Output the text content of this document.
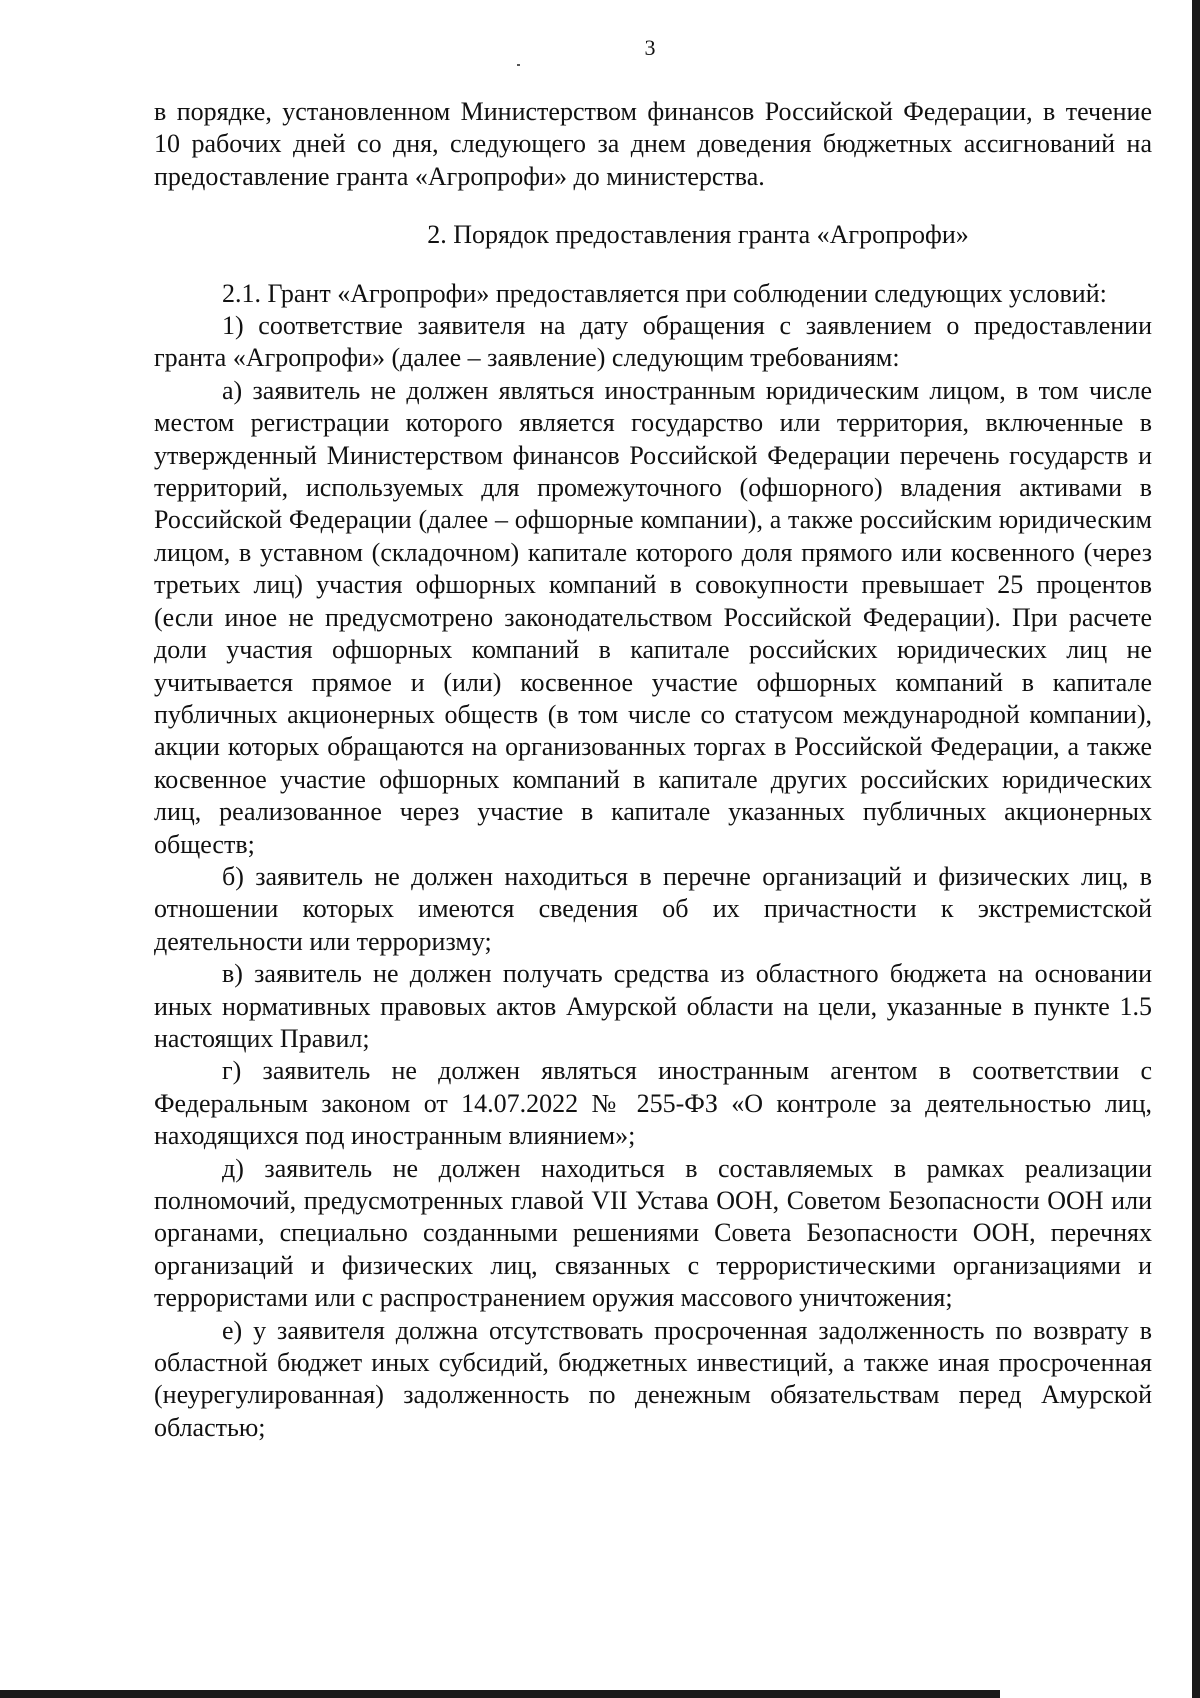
3

в порядке, установленном Министерством финансов Российской Федерации, в течение 10 рабочих дней со дня, следующего за днем доведения бюджетных ассигнований на предоставление гранта «Агропрофи» до министерства.

2. Порядок предоставления гранта «Агропрофи»

2.1. Грант «Агропрофи» предоставляется при соблюдении следующих условий:

1) соответствие заявителя на дату обращения с заявлением о предоставлении гранта «Агропрофи» (далее – заявление) следующим требованиям:

а) заявитель не должен являться иностранным юридическим лицом, в том числе местом регистрации которого является государство или территория, включенные в утвержденный Министерством финансов Российской Федерации перечень государств и территорий, используемых для промежуточного (офшорного) владения активами в Российской Федерации (далее – офшорные компании), а также российским юридическим лицом, в уставном (складочном) капитале которого доля прямого или косвенного (через третьих лиц) участия офшорных компаний в совокупности превышает 25 процентов (если иное не предусмотрено законодательством Российской Федерации). При расчете доли участия офшорных компаний в капитале российских юридических лиц не учитывается прямое и (или) косвенное участие офшорных компаний в капитале публичных акционерных обществ (в том числе со статусом международной компании), акции которых обращаются на организованных торгах в Российской Федерации, а также косвенное участие офшорных компаний в капитале других российских юридических лиц, реализованное через участие в капитале указанных публичных акционерных обществ;

б) заявитель не должен находиться в перечне организаций и физических лиц, в отношении которых имеются сведения об их причастности к экстремистской деятельности или терроризму;

в) заявитель не должен получать средства из областного бюджета на основании иных нормативных правовых актов Амурской области на цели, указанные в пункте 1.5 настоящих Правил;

г) заявитель не должен являться иностранным агентом в соответствии с Федеральным законом от 14.07.2022 № 255-ФЗ «О контроле за деятельностью лиц, находящихся под иностранным влиянием»;

д) заявитель не должен находиться в составляемых в рамках реализации полномочий, предусмотренных главой VII Устава ООН, Советом Безопасности ООН или органами, специально созданными решениями Совета Безопасности ООН, перечнях организаций и физических лиц, связанных с террористическими организациями и террористами или с распространением оружия массового уничтожения;

е) у заявителя должна отсутствовать просроченная задолженность по возврату в областной бюджет иных субсидий, бюджетных инвестиций, а также иная просроченная (неурегулированная) задолженность по денежным обязательствам перед Амурской областью;
